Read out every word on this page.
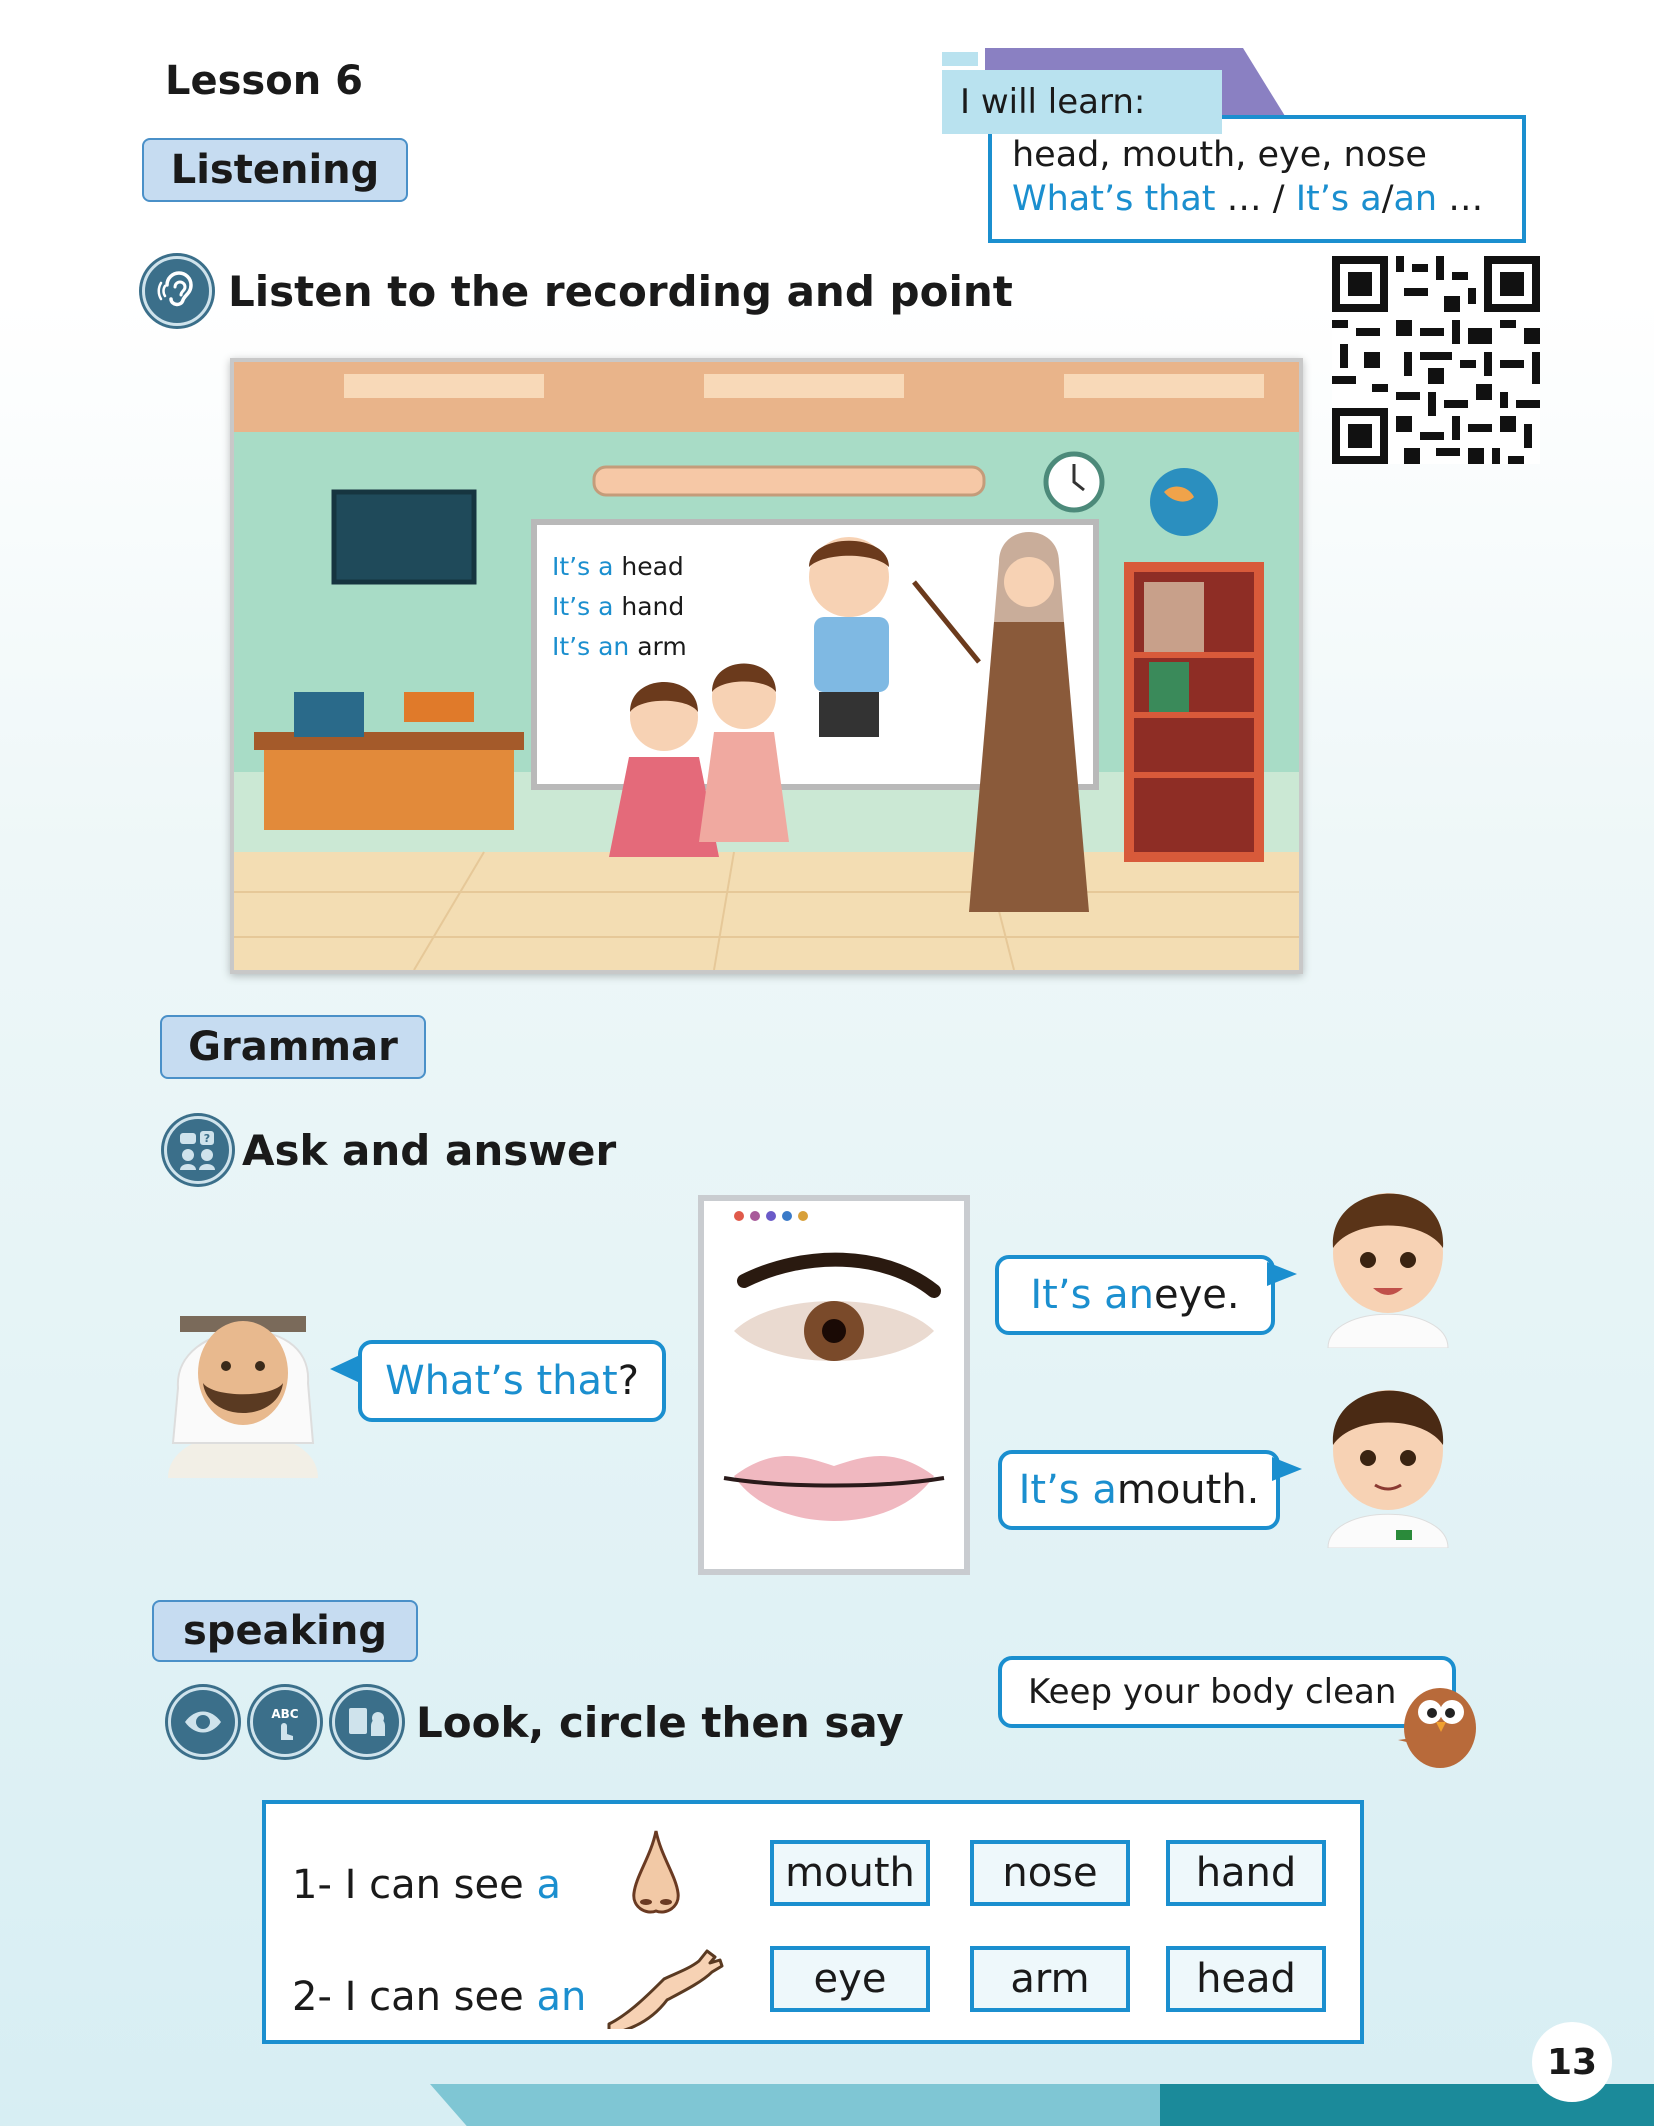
Lesson 6
head, mouth, eye, nose
What’s that … / It’s a/an …
I will learn:
Listening
Listen to the recording and point
It’s a head
It’s a hand
It’s an arm
Grammar
? Ask and answer
What’s that ?
It’s an eye.
It’s a mouth.
speaking
ABC	Look, circle then say
Keep your body clean
1- I can see a
2- I can see an
mouth	nose	hand
eye	arm	head
13
